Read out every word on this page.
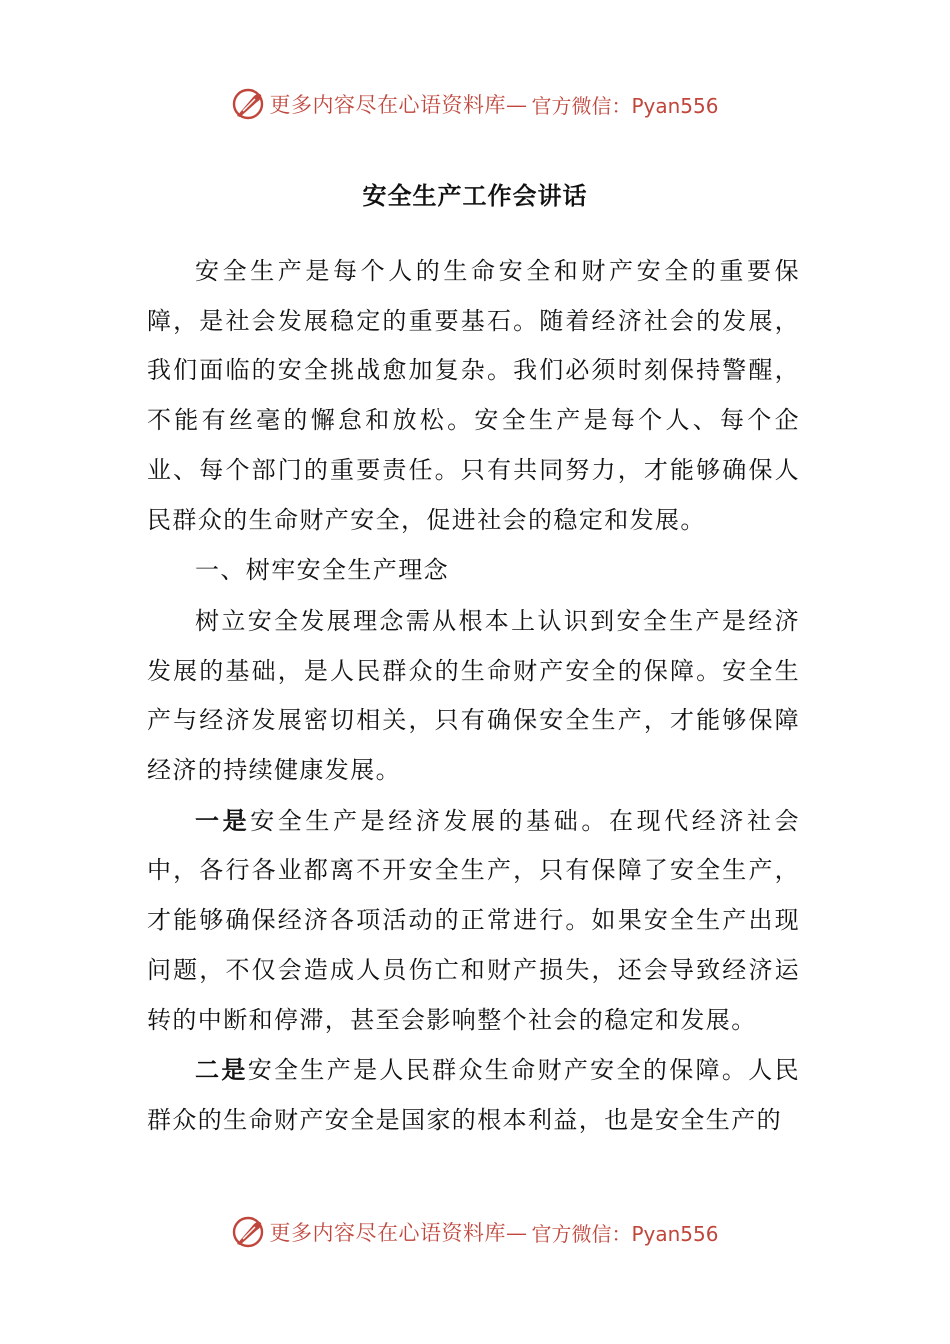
更多内容尽在心语资料库— 官方微信：Pyan556
安全生产工作会讲话

安全生产是每个人的生命安全和财产安全的重要保障，是社会发展稳定的重要基石。随着经济社会的发展，我们面临的安全挑战愈加复杂。我们必须时刻保持警醒，不能有丝毫的懈怠和放松。安全生产是每个人、每个企业、每个部门的重要责任。只有共同努力，才能够确保人民群众的生命财产安全，促进社会的稳定和发展。

一、树牢安全生产理念

树立安全发展理念需从根本上认识到安全生产是经济发展的基础，是人民群众的生命财产安全的保障。安全生产与经济发展密切相关，只有确保安全生产，才能够保障经济的持续健康发展。

一是安全生产是经济发展的基础。在现代经济社会中，各行各业都离不开安全生产，只有保障了安全生产，才能够确保经济各项活动的正常进行。如果安全生产出现问题，不仅会造成人员伤亡和财产损失，还会导致经济运转的中断和停滞，甚至会影响整个社会的稳定和发展。

二是安全生产是人民群众生命财产安全的保障。人民群众的生命财产安全是国家的根本利益，也是安全生产的

更多内容尽在心语资料库— 官方微信：Pyan556
